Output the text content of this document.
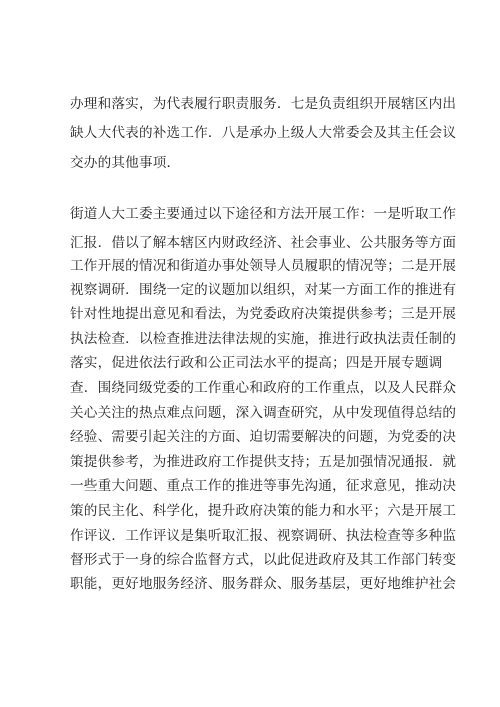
办理和落实，为代表履行职责服务．七是负责组织开展辖区内出
缺人大代表的补选工作．八是承办上级人大常委会及其主任会议
交办的其他事项．
街道人大工委主要通过以下途径和方法开展工作：一是听取工作
汇报．借以了解本辖区内财政经济、社会事业、公共服务等方面
工作开展的情况和街道办事处领导人员履职的情况等；二是开展
视察调研．围绕一定的议题加以组织，对某一方面工作的推进有
针对性地提出意见和看法，为党委政府决策提供参考；三是开展
执法检查．以检查推进法律法规的实施，推进行政执法责任制的
落实，促进依法行政和公正司法水平的提高；四是开展专题调
查．围绕同级党委的工作重心和政府的工作重点，以及人民群众
关心关注的热点难点问题，深入调查研究，从中发现值得总结的
经验、需要引起关注的方面、迫切需要解决的问题，为党委的决
策提供参考，为推进政府工作提供支持；五是加强情况通报．就
一些重大问题、重点工作的推进等事先沟通，征求意见，推动决
策的民主化、科学化，提升政府决策的能力和水平；六是开展工
作评议．工作评议是集听取汇报、视察调研、执法检查等多种监
督形式于一身的综合监督方式，以此促进政府及其工作部门转变
职能，更好地服务经济、服务群众、服务基层，更好地维护社会
